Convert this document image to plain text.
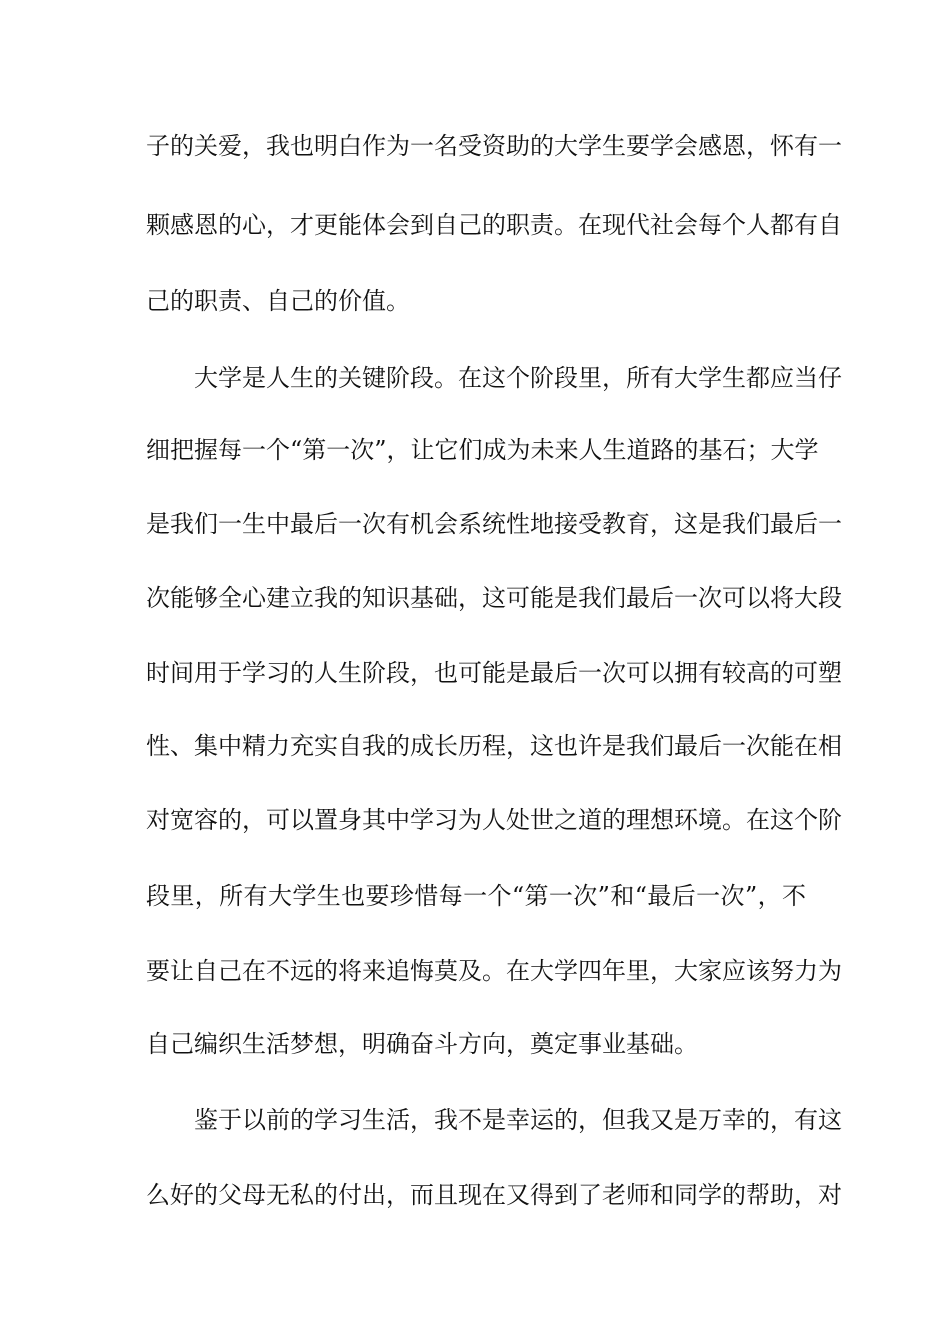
子的关爱，我也明白作为一名受资助的大学生要学会感恩，怀有一
颗感恩的心，才更能体会到自己的职责。在现代社会每个人都有自
己的职责、自己的价值。
　　大学是人生的关键阶段。在这个阶段里，所有大学生都应当仔
细把握每一个“第一次”，让它们成为未来人生道路的基石；大学
是我们一生中最后一次有机会系统性地接受教育，这是我们最后一
次能够全心建立我的知识基础，这可能是我们最后一次可以将大段
时间用于学习的人生阶段，也可能是最后一次可以拥有较高的可塑
性、集中精力充实自我的成长历程，这也许是我们最后一次能在相
对宽容的，可以置身其中学习为人处世之道的理想环境。在这个阶
段里，所有大学生也要珍惜每一个“第一次”和“最后一次”，不
要让自己在不远的将来追悔莫及。在大学四年里，大家应该努力为
自己编织生活梦想，明确奋斗方向，奠定事业基础。
　　鉴于以前的学习生活，我不是幸运的，但我又是万幸的，有这
么好的父母无私的付出，而且现在又得到了老师和同学的帮助，对
